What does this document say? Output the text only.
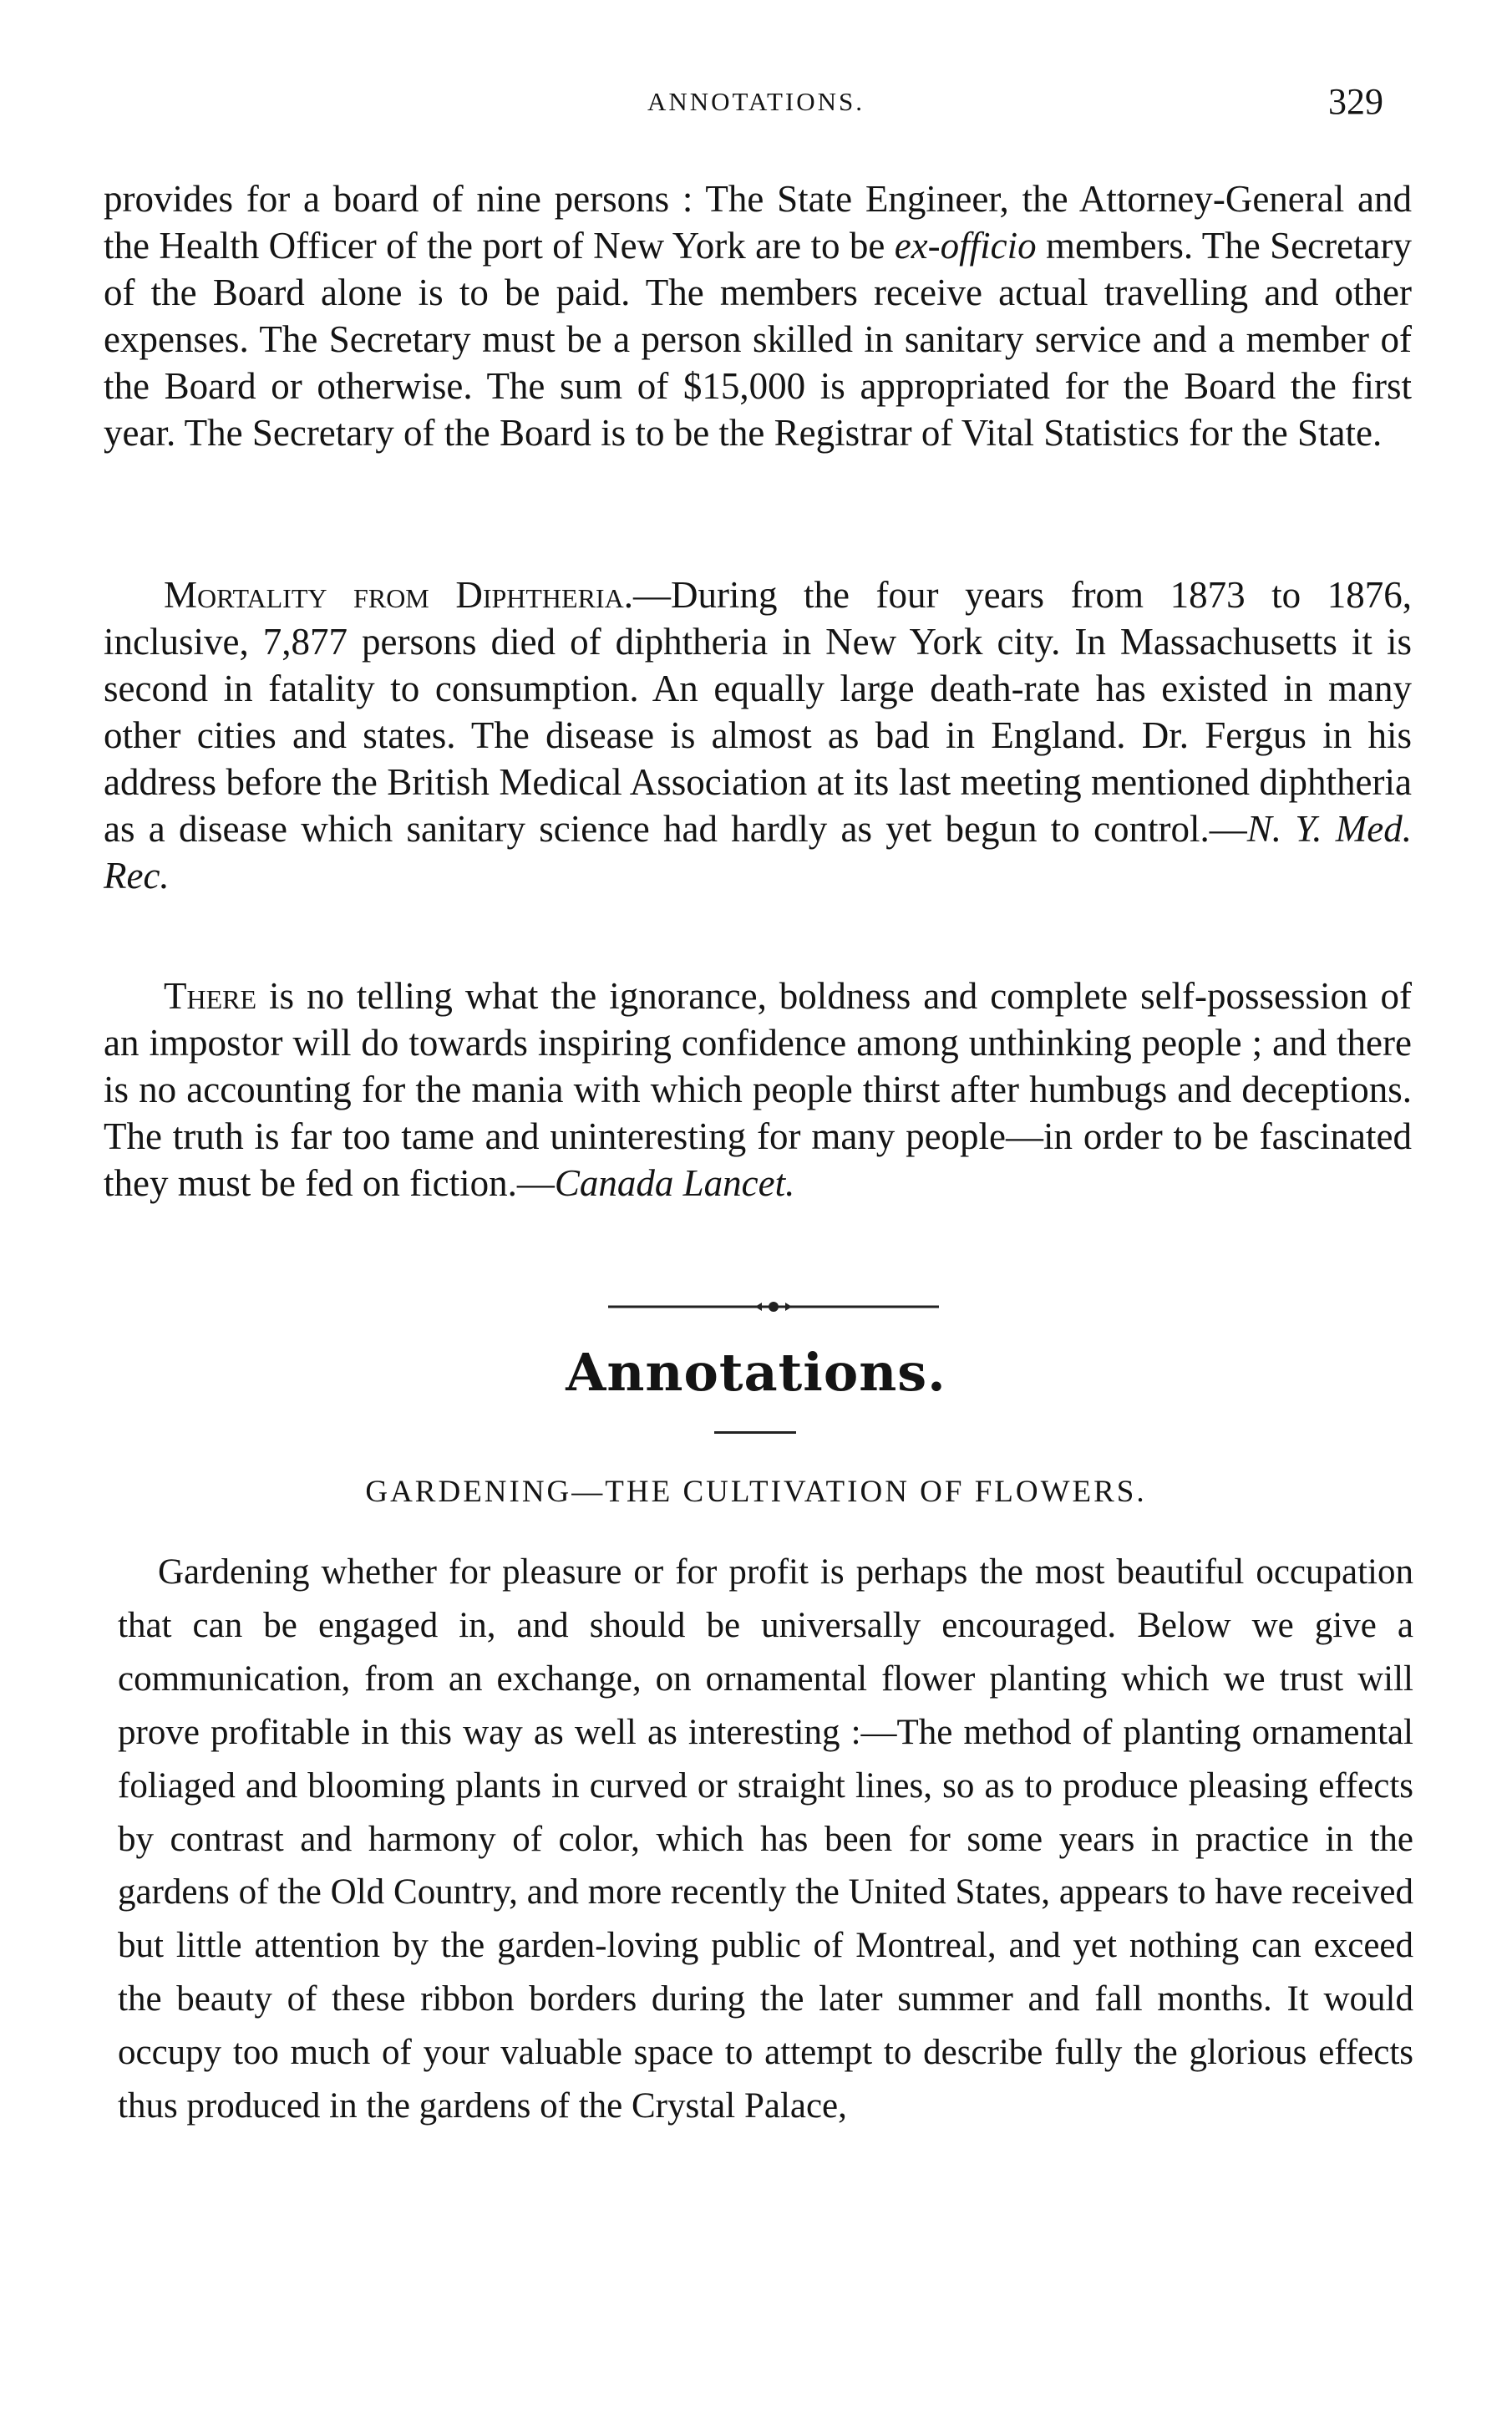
ANNOTATIONS.	329

provides for a board of nine persons : The State Engineer, the Attorney-General and the Health Officer of the port of New York are to be ex-officio members. The Secretary of the Board alone is to be paid. The members receive actual travelling and other expenses. The Secretary must be a person skilled in sanitary service and a member of the Board or otherwise. The sum of $15,000 is appropriated for the Board the first year. The Secretary of the Board is to be the Registrar of Vital Statistics for the State.

Mortality from Diphtheria.—During the four years from 1873 to 1876, inclusive, 7,877 persons died of diphtheria in New York city. In Massachusetts it is second in fatality to consumption. An equally large death-rate has existed in many other cities and states. The disease is almost as bad in England. Dr. Fergus in his address before the British Medical Association at its last meeting mentioned diphtheria as a disease which sanitary science had hardly as yet begun to control.—N. Y. Med. Rec.

There is no telling what the ignorance, boldness and complete self-possession of an impostor will do towards inspiring confidence among unthinking people ; and there is no accounting for the mania with which people thirst after humbugs and deceptions. The truth is far too tame and uninteresting for many people—in order to be fascinated they must be fed on fiction.—Canada Lancet.

Annotations.
GARDENING—THE CULTIVATION OF FLOWERS.

Gardening whether for pleasure or for profit is perhaps the most beautiful occupation that can be engaged in, and should be universally encouraged. Below we give a communication, from an exchange, on ornamental flower planting which we trust will prove profitable in this way as well as interesting :—The method of planting ornamental foliaged and blooming plants in curved or straight lines, so as to produce pleasing effects by contrast and harmony of color, which has been for some years in practice in the gardens of the Old Country, and more recently the United States, appears to have received but little attention by the garden-loving public of Montreal, and yet nothing can exceed the beauty of these ribbon borders during the later summer and fall months. It would occupy too much of your valuable space to attempt to describe fully the glorious effects thus produced in the gardens of the Crystal Palace,
